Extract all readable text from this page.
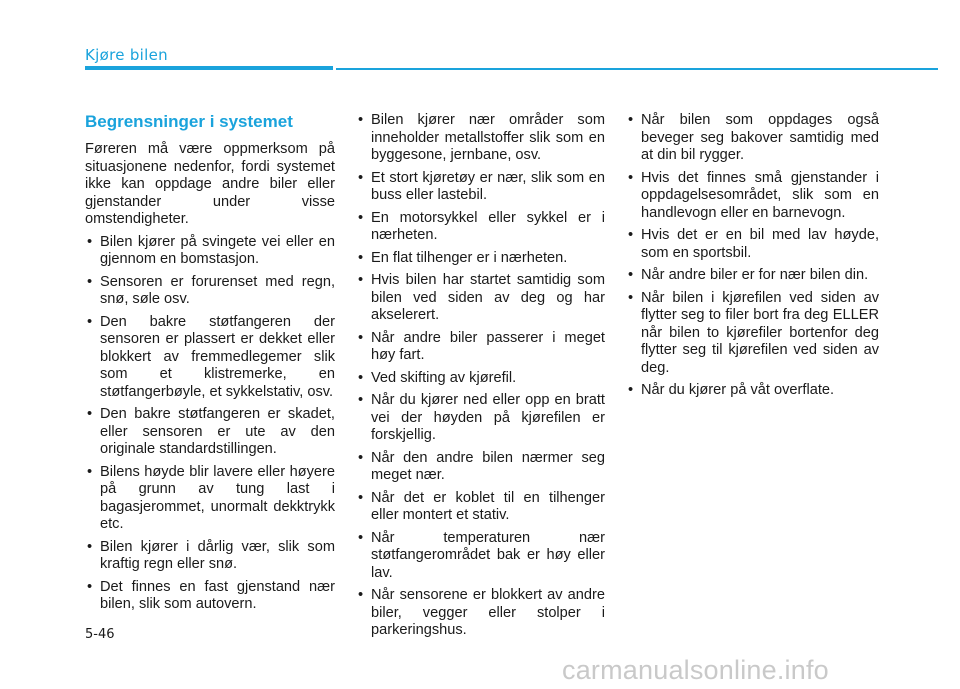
Kjøre bilen
Begrensninger i systemet
Føreren må være oppmerksom på situasjonene nedenfor, fordi systemet ikke kan oppdage andre biler eller gjenstander under visse omstendigheter.
• Bilen kjører på svingete vei eller en gjennom en bomstasjon.
• Sensoren er forurenset med regn, snø, søle osv.
• Den bakre støtfangeren der sensoren er plassert er dekket eller blokkert av fremmedlegemer slik som et klistremerke, en støtfangerbøyle, et sykkelstativ, osv.
• Den bakre støtfangeren er skadet, eller sensoren er ute av den originale standardstillingen.
• Bilens høyde blir lavere eller høyere på grunn av tung last i bagasjerommet, unormalt dekktrykk etc.
• Bilen kjører i dårlig vær, slik som kraftig regn eller snø.
• Det finnes en fast gjenstand nær bilen, slik som autovern.
• Bilen kjører nær områder som inneholder metallstoffer slik som en byggesone, jernbane, osv.
• Et stort kjøretøy er nær, slik som en buss eller lastebil.
• En motorsykkel eller sykkel er i nærheten.
• En flat tilhenger er i nærheten.
• Hvis bilen har startet samtidig som bilen ved siden av deg og har akselerert.
• Når andre biler passerer i meget høy fart.
• Ved skifting av kjørefil.
• Når du kjører ned eller opp en bratt vei der høyden på kjørefilen er forskjellig.
• Når den andre bilen nærmer seg meget nær.
• Når det er koblet til en tilhenger eller montert et stativ.
• Når temperaturen nær støtfangerområdet bak er høy eller lav.
• Når sensorene er blokkert av andre biler, vegger eller stolper i parkeringshus.
• Når bilen som oppdages også beveger seg bakover samtidig med at din bil rygger.
• Hvis det finnes små gjenstander i oppdagelsesområdet, slik som en handlevogn eller en barnevogn.
• Hvis det er en bil med lav høyde, som en sportsbil.
• Når andre biler er for nær bilen din.
• Når bilen i kjørefilen ved siden av flytter seg to filer bort fra deg ELLER når bilen to kjørefiler bortenfor deg flytter seg til kjørefilen ved siden av deg.
• Når du kjører på våt overflate.
5-46
carmanualsonline.info
